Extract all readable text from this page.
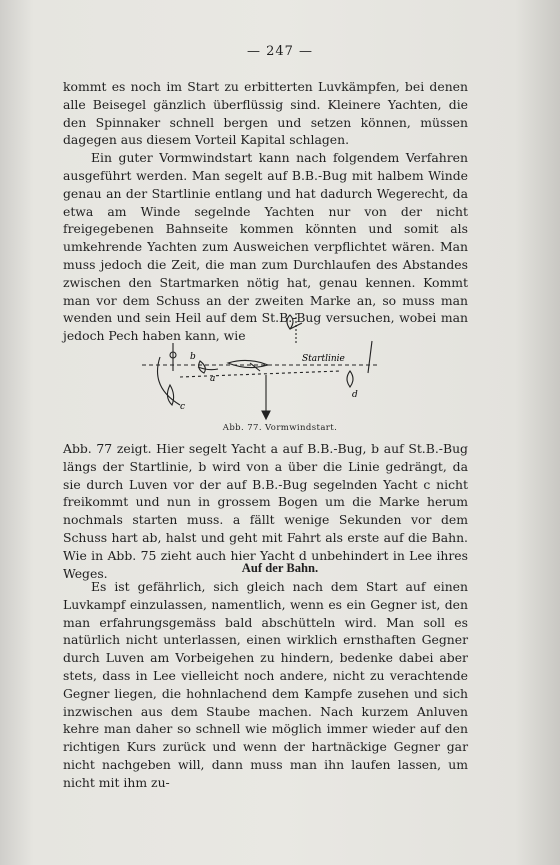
— 247 —

kommt es noch im Start zu erbitterten Luvkämpfen, bei denen alle Beisegel gänzlich überflüssig sind. Kleinere Yachten, die den Spinnaker schnell bergen und setzen können, müssen dagegen aus diesem Vorteil Kapital schlagen.

Ein guter Vormwindstart kann nach folgendem Verfahren ausgeführt werden. Man segelt auf B.B.-Bug mit halbem Winde genau an der Startlinie entlang und hat dadurch Wegerecht, da etwa am Winde segelnde Yachten nur von der nicht freigegebenen Bahnseite kommen könnten und somit als umkehrende Yachten zum Ausweichen verpflichtet wären. Man muss jedoch die Zeit, die man zum Durchlaufen des Abstandes zwischen den Startmarken nötig hat, genau kennen. Kommt man vor dem Schuss an der zweiten Marke an, so muss man wenden und sein Heil auf dem St.B.-Bug versuchen, wobei man jedoch Pech haben kann, wie

Startlinie
a
b
c
d
Abb. 77. Vormwindstart.

Abb. 77 zeigt. Hier segelt Yacht a auf B.B.-Bug, b auf St.B.-Bug längs der Startlinie, b wird von a über die Linie gedrängt, da sie durch Luven vor der auf B.B.-Bug segelnden Yacht c nicht freikommt und nun in grossem Bogen um die Marke herum nochmals starten muss. a fällt wenige Sekunden vor dem Schuss hart ab, halst und geht mit Fahrt als erste auf die Bahn. Wie in Abb. 75 zieht auch hier Yacht d unbehindert in Lee ihres Weges.	Auf der Bahn.

Es ist gefährlich, sich gleich nach dem Start auf einen Luvkampf einzulassen, namentlich, wenn es ein Gegner ist, den man erfahrungsgemäss bald abschütteln wird. Man soll es natürlich nicht unterlassen, einen wirklich ernsthaften Gegner durch Luven am Vorbeigehen zu hindern, bedenke dabei aber stets, dass in Lee vielleicht noch andere, nicht zu verachtende Gegner liegen, die hohnlachend dem Kampfe zusehen und sich inzwischen aus dem Staube machen. Nach kurzem Anluven kehre man daher so schnell wie möglich immer wieder auf den richtigen Kurs zurück und wenn der hartnäckige Gegner gar nicht nachgeben will, dann muss man ihn laufen lassen, um nicht mit ihm zu-
